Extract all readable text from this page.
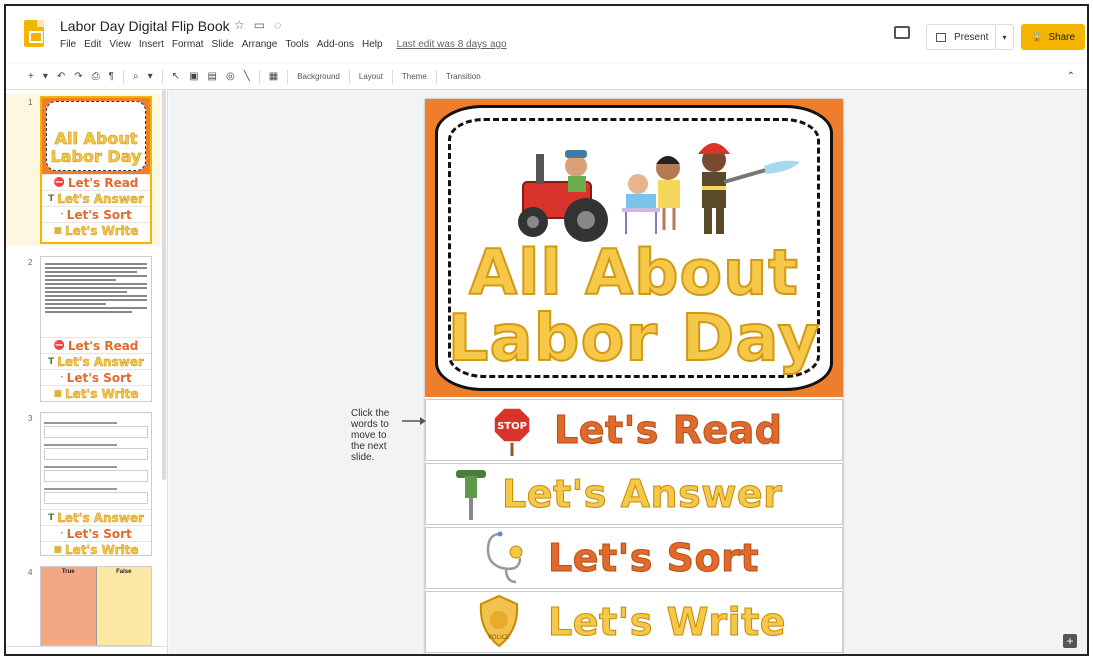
Labor Day Digital Flip Book ☆ ▭ ◌
File Edit View Insert Format Slide Arrange Tools Add-ons Help Last edit was 8 days ago
Present	▾	🔒 Share
+ ▾ ↶ ↷ ⎙ ¶ ⌕ ▾ ↖ ▣ ▤ ◎ ╲ ▦ Background Layout Theme Transition	⌃
1
All About
Labor Day
⛔ Let's Read
T Let's Answer
· Let's Sort
■ Let's Write
2
⛔ Let's Read
T Let's Answer
· Let's Sort
■ Let's Write
3
T Let's Answer
· Let's Sort
■ Let's Write
4	True	False
All About
Labor Day
STOP Let's Read
Let's Answer
Let's Sort
POLICE Let's Write	+
Click the words to move to the next slide.
